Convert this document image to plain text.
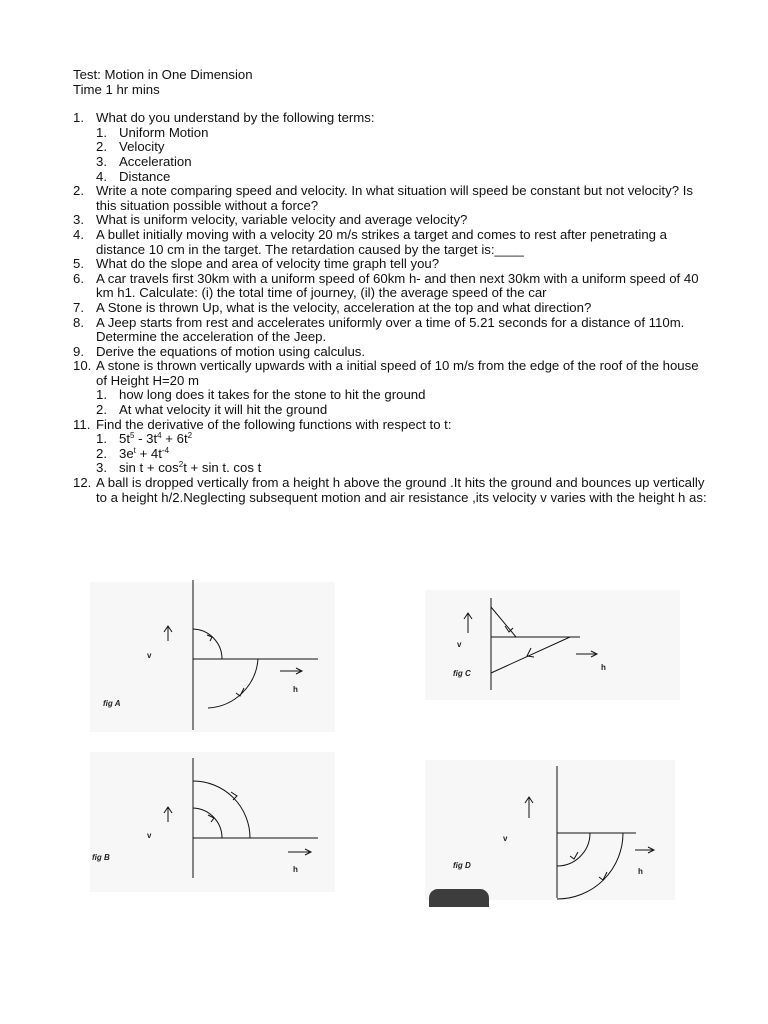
Test: Motion in One Dimension
Time 1 hr mins
1. What do you understand by the following terms:
1. Uniform Motion
2. Velocity
3. Acceleration
4. Distance
2. Write a note comparing speed and velocity. In what situation will speed be constant but not velocity? Is this situation possible without a force?
3. What is uniform velocity, variable velocity and average velocity?
4. A bullet initially moving with a velocity 20 m/s strikes a target and comes to rest after penetrating a distance 10 cm in the target. The retardation caused by the target is:____
5. What do the slope and area of velocity time graph tell you?
6. A car travels first 30km with a uniform speed of 60km h- and then next 30km with a uniform speed of 40 km h1. Calculate: (i) the total time of journey, (il) the average speed of the car
7. A Stone is thrown Up, what is the velocity, acceleration at the top and what direction?
8. A Jeep starts from rest and accelerates uniformly over a time of 5.21 seconds for a distance of 110m. Determine the acceleration of the Jeep.
9. Derive the equations of motion using calculus.
10. A stone is thrown vertically upwards with a initial speed of 10 m/s from the edge of the roof of the house of Height H=20 m
1. how long does it takes for the stone to hit the ground
2. At what velocity it will hit the ground
11. Find the derivative of the following functions with respect to t:
1. $5t^5 - 3t^4 + 6t^2$
2. $3e^t + 4t^{-4}$
3. $\sin t + \cos^2t + \sin t$. cos t
12. A ball is dropped vertically from a height h above the ground .It hits the ground and bounces up vertically to a height h/2.Neglecting subsequent motion and air resistance ,its velocity v varies with the height h as:
v
h
fig A
v
h
fig B
v
h
fig C
v
h
fig D
